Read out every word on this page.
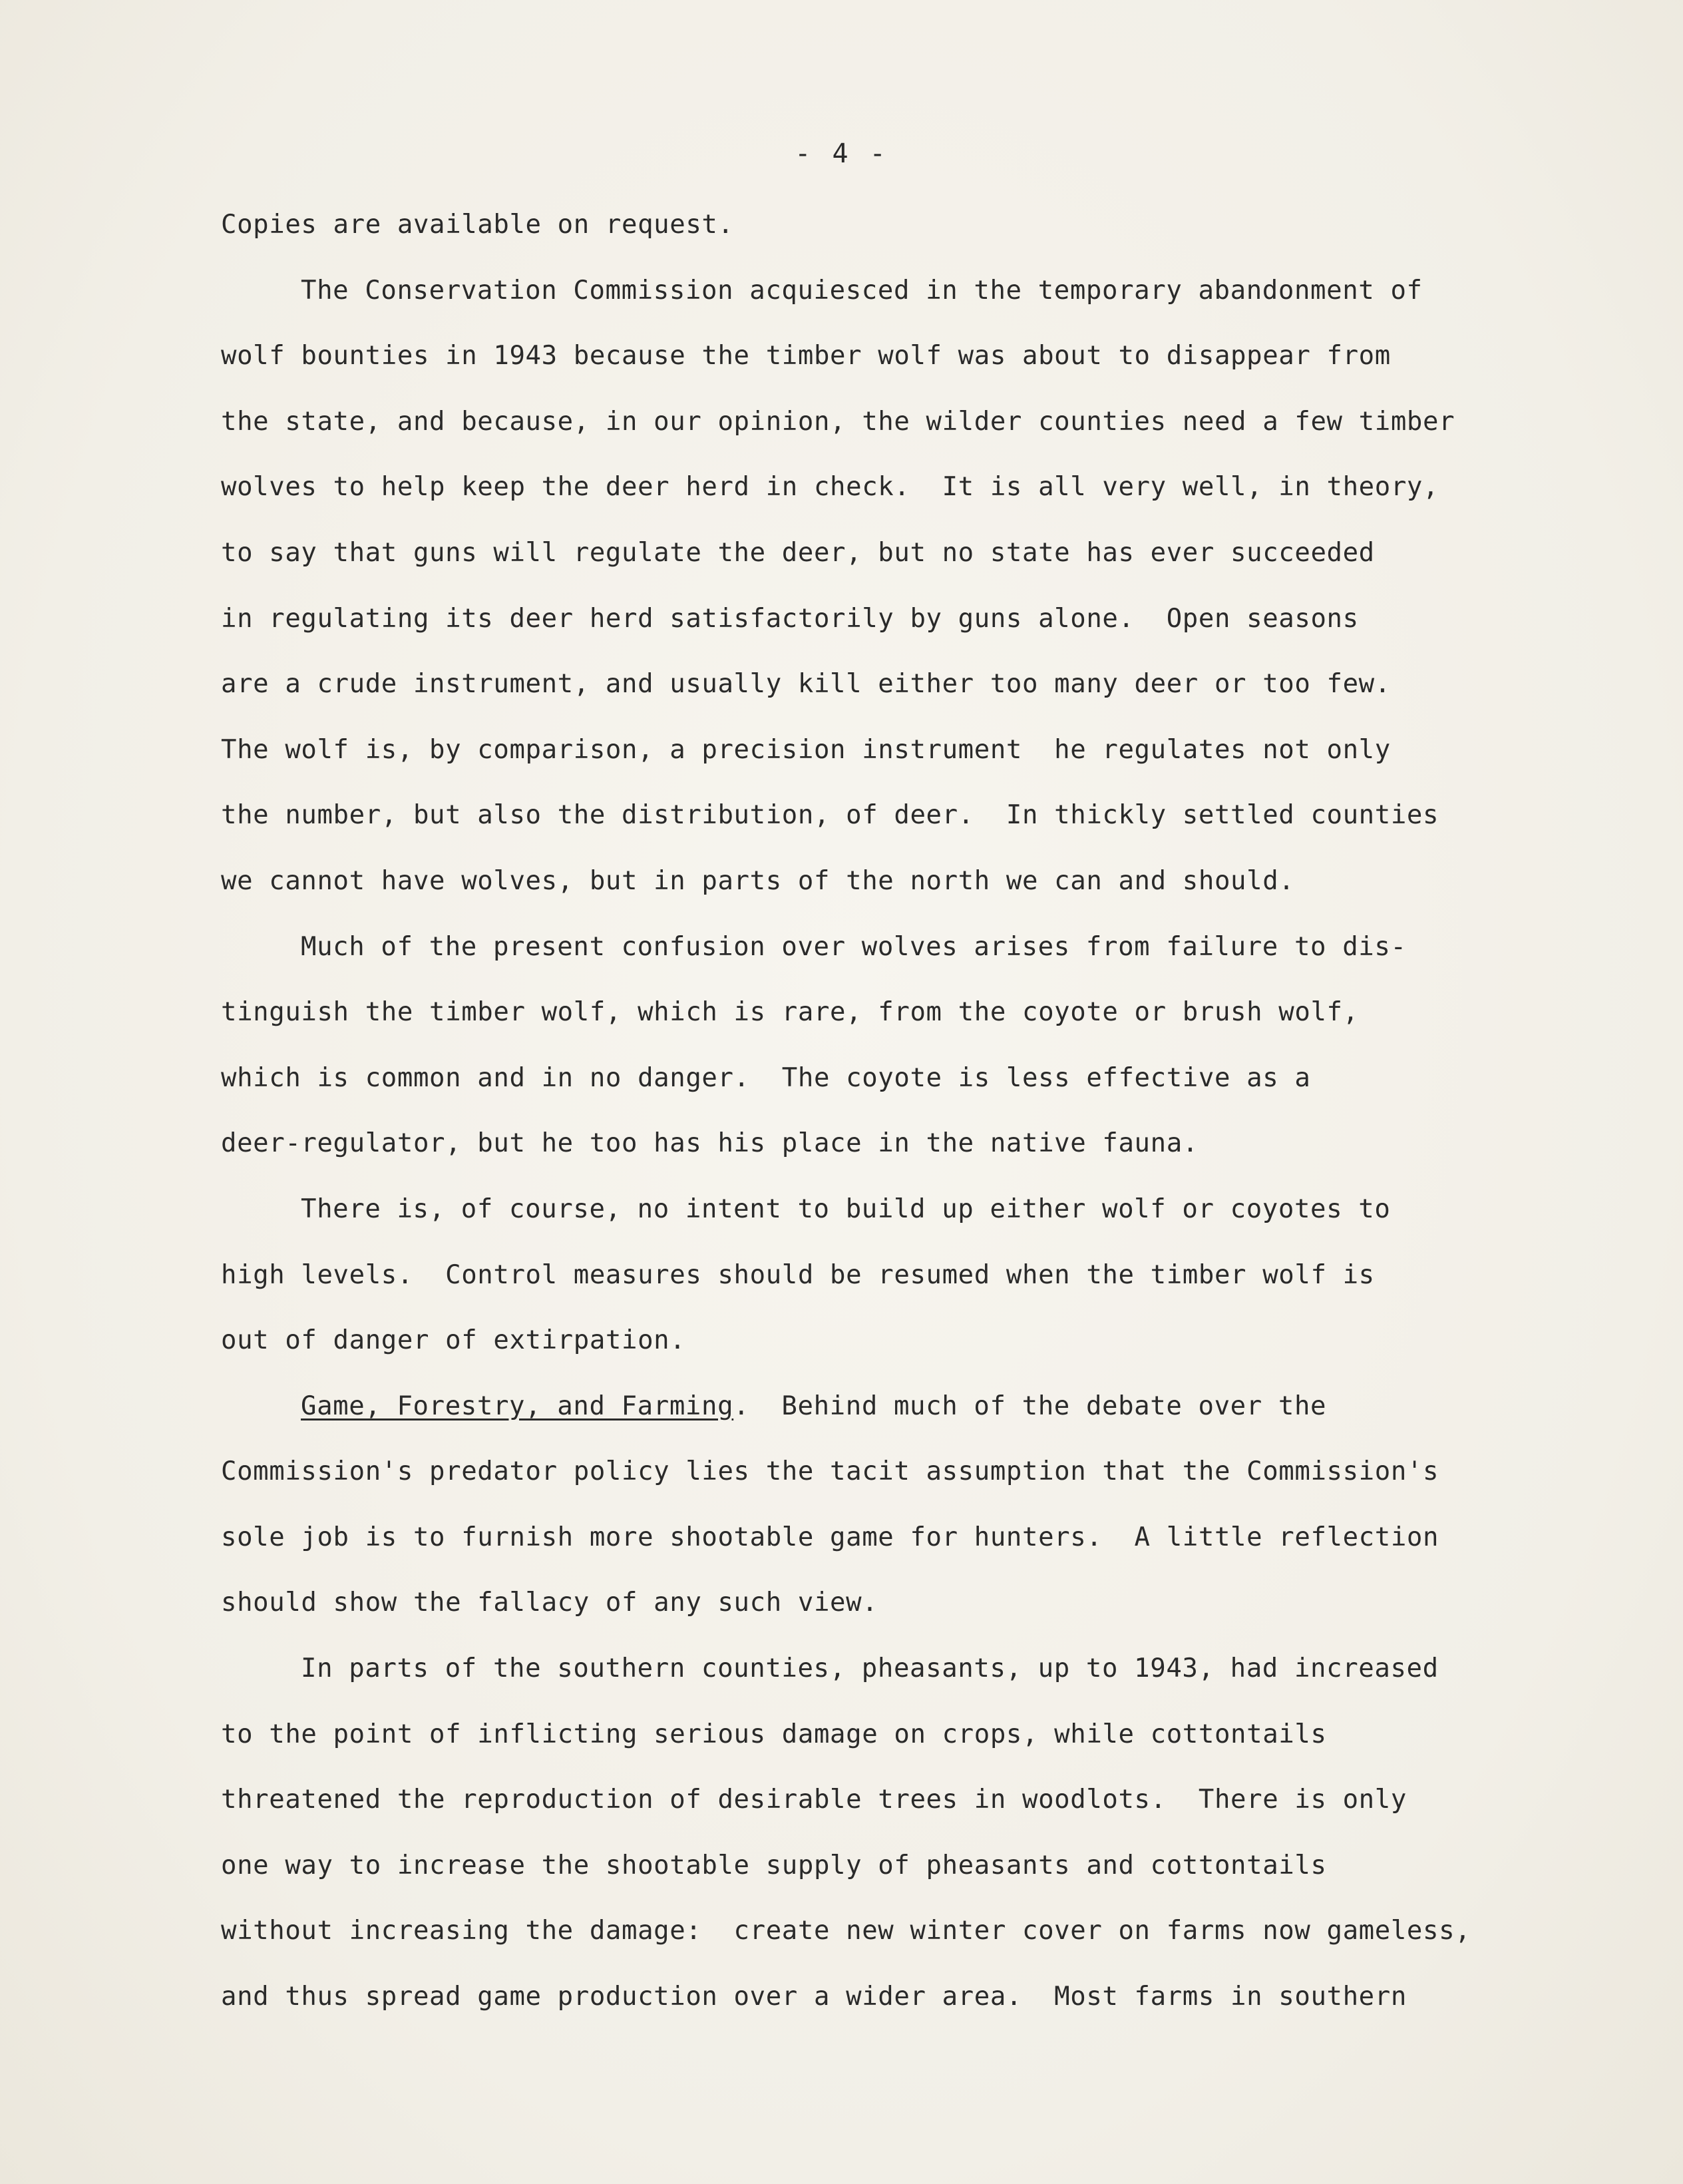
- 4 -
Copies are available on request.
The Conservation Commission acquiesced in the temporary abandonment of
wolf bounties in 1943 because the timber wolf was about to disappear from
the state, and because, in our opinion, the wilder counties need a few timber
wolves to help keep the deer herd in check.  It is all very well, in theory,
to say that guns will regulate the deer, but no state has ever succeeded
in regulating its deer herd satisfactorily by guns alone.  Open seasons
are a crude instrument, and usually kill either too many deer or too few.
The wolf is, by comparison, a precision instrument  he regulates not only
the number, but also the distribution, of deer.  In thickly settled counties
we cannot have wolves, but in parts of the north we can and should.
Much of the present confusion over wolves arises from failure to dis-
tinguish the timber wolf, which is rare, from the coyote or brush wolf,
which is common and in no danger.  The coyote is less effective as a
deer-regulator, but he too has his place in the native fauna.
There is, of course, no intent to build up either wolf or coyotes to
high levels.  Control measures should be resumed when the timber wolf is
out of danger of extirpation.
Game, Forestry, and Farming.  Behind much of the debate over the
Commission's predator policy lies the tacit assumption that the Commission's
sole job is to furnish more shootable game for hunters.  A little reflection
should show the fallacy of any such view.
In parts of the southern counties, pheasants, up to 1943, had increased
to the point of inflicting serious damage on crops, while cottontails
threatened the reproduction of desirable trees in woodlots.  There is only
one way to increase the shootable supply of pheasants and cottontails
without increasing the damage:  create new winter cover on farms now gameless,
and thus spread game production over a wider area.  Most farms in southern
